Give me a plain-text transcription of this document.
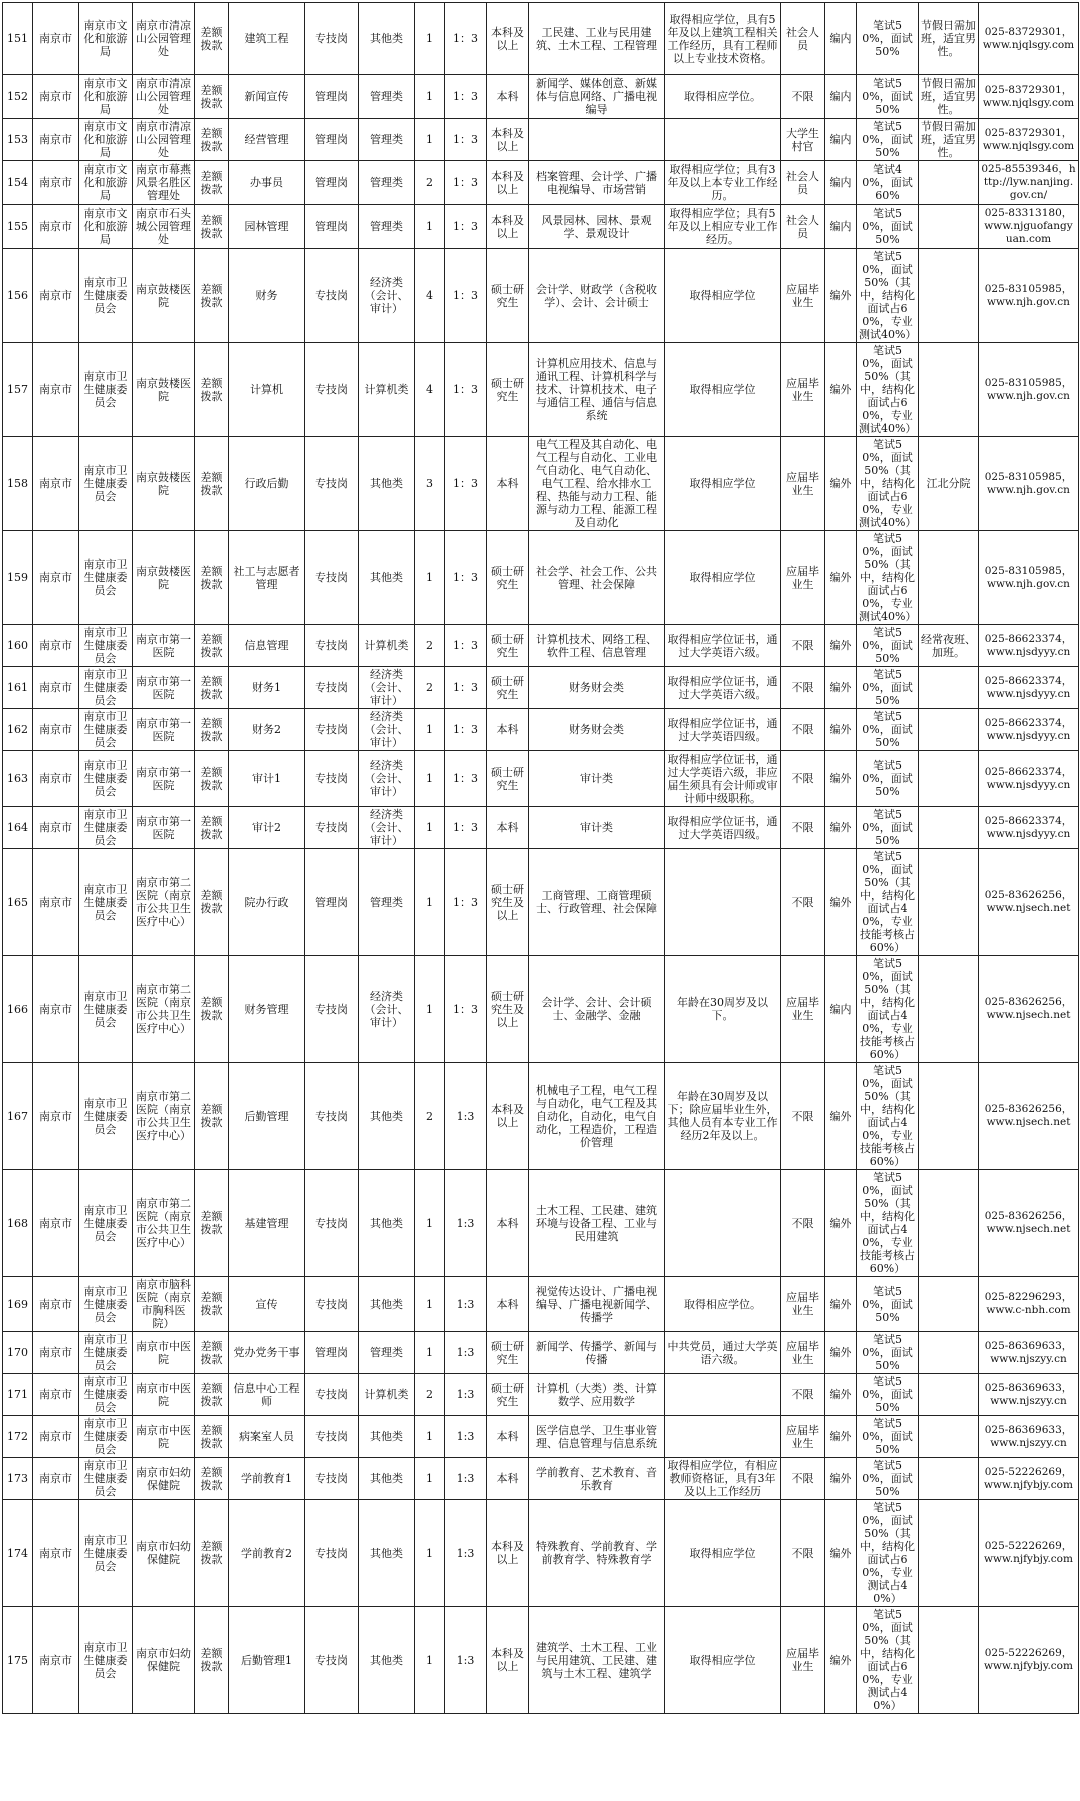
151	南京市	南京市文化和旅游局	南京市清凉山公园管理处	差额拨款	建筑工程	专技岗	其他类	1	1：3	本科及以上	工民建、工业与民用建筑、土木工程、工程管理	取得相应学位，具有5年及以上建筑工程相关工作经历，具有工程师以上专业技术资格。	社会人员	编内	笔试50%，面试50%	节假日需加班，适宜男性。	025-83729301，www.njqlsgy.com
152	南京市	南京市文化和旅游局	南京市清凉山公园管理处	差额拨款	新闻宣传	管理岗	管理类	1	1：3	本科	新闻学、媒体创意、新媒体与信息网络、广播电视编导	取得相应学位。	不限	编内	笔试50%，面试50%	节假日需加班，适宜男性。	025-83729301，www.njqlsgy.com
153	南京市	南京市文化和旅游局	南京市清凉山公园管理处	差额拨款	经营管理	管理岗	管理类	1	1：3	本科及以上			大学生村官	编内	笔试50%，面试50%	节假日需加班，适宜男性。	025-83729301，www.njqlsgy.com
154	南京市	南京市文化和旅游局	南京市幕燕风景名胜区管理处	差额拨款	办事员	管理岗	管理类	2	1：3	本科及以上	档案管理、会计学、广播电视编导、市场营销	取得相应学位；具有3年及以上本专业工作经历。	社会人员	编内	笔试40%，面试60%		025-85539346，http://lyw.nanjing.gov.cn/
155	南京市	南京市文化和旅游局	南京市石头城公园管理处	差额拨款	园林管理	管理岗	管理类	1	1：3	本科及以上	风景园林、园林、景观学、景观设计	取得相应学位；具有5年及以上相应专业工作经历。	社会人员	编内	笔试50%，面试50%		025-83313180，www.njguofangyuan.com
156	南京市	南京市卫生健康委员会	南京鼓楼医院	差额拨款	财务	专技岗	经济类（会计、审计）	4	1：3	硕士研究生	会计学、财政学（含税收学）、会计、会计硕士	取得相应学位	应届毕业生	编外	笔试50%，面试50%（其中，结构化面试占60%，专业测试40%）		025-83105985，www.njh.gov.cn
157	南京市	南京市卫生健康委员会	南京鼓楼医院	差额拨款	计算机	专技岗	计算机类	4	1：3	硕士研究生	计算机应用技术、信息与通讯工程、计算机科学与技术、计算机技术、电子与通信工程、通信与信息系统	取得相应学位	应届毕业生	编外	笔试50%，面试50%（其中，结构化面试占60%，专业测试40%）		025-83105985，www.njh.gov.cn
158	南京市	南京市卫生健康委员会	南京鼓楼医院	差额拨款	行政后勤	专技岗	其他类	3	1：3	本科	电气工程及其自动化、电气工程与自动化、工业电气自动化、电气自动化、电气工程、给水排水工程、热能与动力工程、能源与动力工程、能源工程及自动化	取得相应学位	应届毕业生	编外	笔试50%，面试50%（其中，结构化面试占60%，专业测试40%）	江北分院	025-83105985，www.njh.gov.cn
159	南京市	南京市卫生健康委员会	南京鼓楼医院	差额拨款	社工与志愿者管理	专技岗	其他类	1	1：3	硕士研究生	社会学、社会工作、公共管理、社会保障	取得相应学位	应届毕业生	编外	笔试50%，面试50%（其中，结构化面试占60%，专业测试40%）		025-83105985，www.njh.gov.cn
160	南京市	南京市卫生健康委员会	南京市第一医院	差额拨款	信息管理	专技岗	计算机类	2	1：3	硕士研究生	计算机技术、网络工程、软件工程、信息管理	取得相应学位证书，通过大学英语六级。	不限	编外	笔试50%，面试50%	经常夜班、加班。	025-86623374，www.njsdyyy.cn
161	南京市	南京市卫生健康委员会	南京市第一医院	差额拨款	财务1	专技岗	经济类（会计、审计）	2	1：3	硕士研究生	财务财会类	取得相应学位证书，通过大学英语六级。	不限	编外	笔试50%，面试50%		025-86623374，www.njsdyyy.cn
162	南京市	南京市卫生健康委员会	南京市第一医院	差额拨款	财务2	专技岗	经济类（会计、审计）	1	1：3	本科	财务财会类	取得相应学位证书，通过大学英语四级。	不限	编外	笔试50%，面试50%		025-86623374，www.njsdyyy.cn
163	南京市	南京市卫生健康委员会	南京市第一医院	差额拨款	审计1	专技岗	经济类（会计、审计）	1	1：3	硕士研究生	审计类	取得相应学位证书，通过大学英语六级，非应届生须具有会计师或审计师中级职称。	不限	编外	笔试50%，面试50%		025-86623374，www.njsdyyy.cn
164	南京市	南京市卫生健康委员会	南京市第一医院	差额拨款	审计2	专技岗	经济类（会计、审计）	1	1：3	本科	审计类	取得相应学位证书，通过大学英语四级。	不限	编外	笔试50%，面试50%		025-86623374，www.njsdyyy.cn
165	南京市	南京市卫生健康委员会	南京市第二医院（南京市公共卫生医疗中心）	差额拨款	院办行政	管理岗	管理类	1	1：3	硕士研究生及以上	工商管理、工商管理硕士、行政管理、社会保障		不限	编外	笔试50%，面试50%（其中，结构化面试占40%，专业技能考核占60%）		025-83626256，www.njsech.net
166	南京市	南京市卫生健康委员会	南京市第二医院（南京市公共卫生医疗中心）	差额拨款	财务管理	专技岗	经济类（会计、审计）	1	1：3	硕士研究生及以上	会计学、会计、会计硕士、金融学、金融	年龄在30周岁及以下。	应届毕业生	编内	笔试50%，面试50%（其中，结构化面试占40%，专业技能考核占60%）		025-83626256，www.njsech.net
167	南京市	南京市卫生健康委员会	南京市第二医院（南京市公共卫生医疗中心）	差额拨款	后勤管理	专技岗	其他类	2	1:3	本科及以上	机械电子工程，电气工程与自动化，电气工程及其自动化，自动化，电气自动化，工程造价，工程造价管理	年龄在30周岁及以下；除应届毕业生外，其他人员有本专业工作经历2年及以上。	不限	编外	笔试50%，面试50%（其中，结构化面试占40%，专业技能考核占60%）		025-83626256，www.njsech.net
168	南京市	南京市卫生健康委员会	南京市第二医院（南京市公共卫生医疗中心）	差额拨款	基建管理	专技岗	其他类	1	1:3	本科	土木工程、工民建、建筑环境与设备工程、工业与民用建筑		不限	编外	笔试50%，面试50%（其中，结构化面试占40%，专业技能考核占60%）		025-83626256，www.njsech.net
169	南京市	南京市卫生健康委员会	南京市脑科医院（南京市胸科医院）	差额拨款	宣传	专技岗	其他类	1	1:3	本科	视觉传达设计、广播电视编导、广播电视新闻学、传播学	取得相应学位。	应届毕业生	编外	笔试50%，面试50%		025-82296293，www.c-nbh.com
170	南京市	南京市卫生健康委员会	南京市中医院	差额拨款	党办党务干事	管理岗	管理类	1	1:3	硕士研究生	新闻学、传播学、新闻与传播	中共党员，通过大学英语六级。	应届毕业生	编外	笔试50%，面试50%		025-86369633，www.njszyy.cn
171	南京市	南京市卫生健康委员会	南京市中医院	差额拨款	信息中心工程师	专技岗	计算机类	2	1:3	硕士研究生	计算机（大类）类、计算数学、应用数学		不限	编外	笔试50%，面试50%		025-86369633，www.njszyy.cn
172	南京市	南京市卫生健康委员会	南京市中医院	差额拨款	病案室人员	专技岗	其他类	1	1:3	本科	医学信息学、卫生事业管理、信息管理与信息系统		应届毕业生	编外	笔试50%，面试50%		025-86369633，www.njszyy.cn
173	南京市	南京市卫生健康委员会	南京市妇幼保健院	差额拨款	学前教育1	专技岗	其他类	1	1:3	本科	学前教育、艺术教育、音乐教育	取得相应学位，有相应教师资格证，具有3年及以上工作经历	不限	编外	笔试50%，面试50%		025-52226269，www.njfybjy.com
174	南京市	南京市卫生健康委员会	南京市妇幼保健院	差额拨款	学前教育2	专技岗	其他类	1	1:3	本科及以上	特殊教育、学前教育、学前教育学、特殊教育学	取得相应学位	不限	编外	笔试50%，面试50%（其中，结构化面试占60%，专业测试占40%）		025-52226269，www.njfybjy.com
175	南京市	南京市卫生健康委员会	南京市妇幼保健院	差额拨款	后勤管理1	专技岗	其他类	1	1:3	本科及以上	建筑学、土木工程、工业与民用建筑、工民建、建筑与土木工程、建筑学	取得相应学位	应届毕业生	编外	笔试50%，面试50%（其中，结构化面试占60%，专业测试占40%）		025-52226269，www.njfybjy.com
